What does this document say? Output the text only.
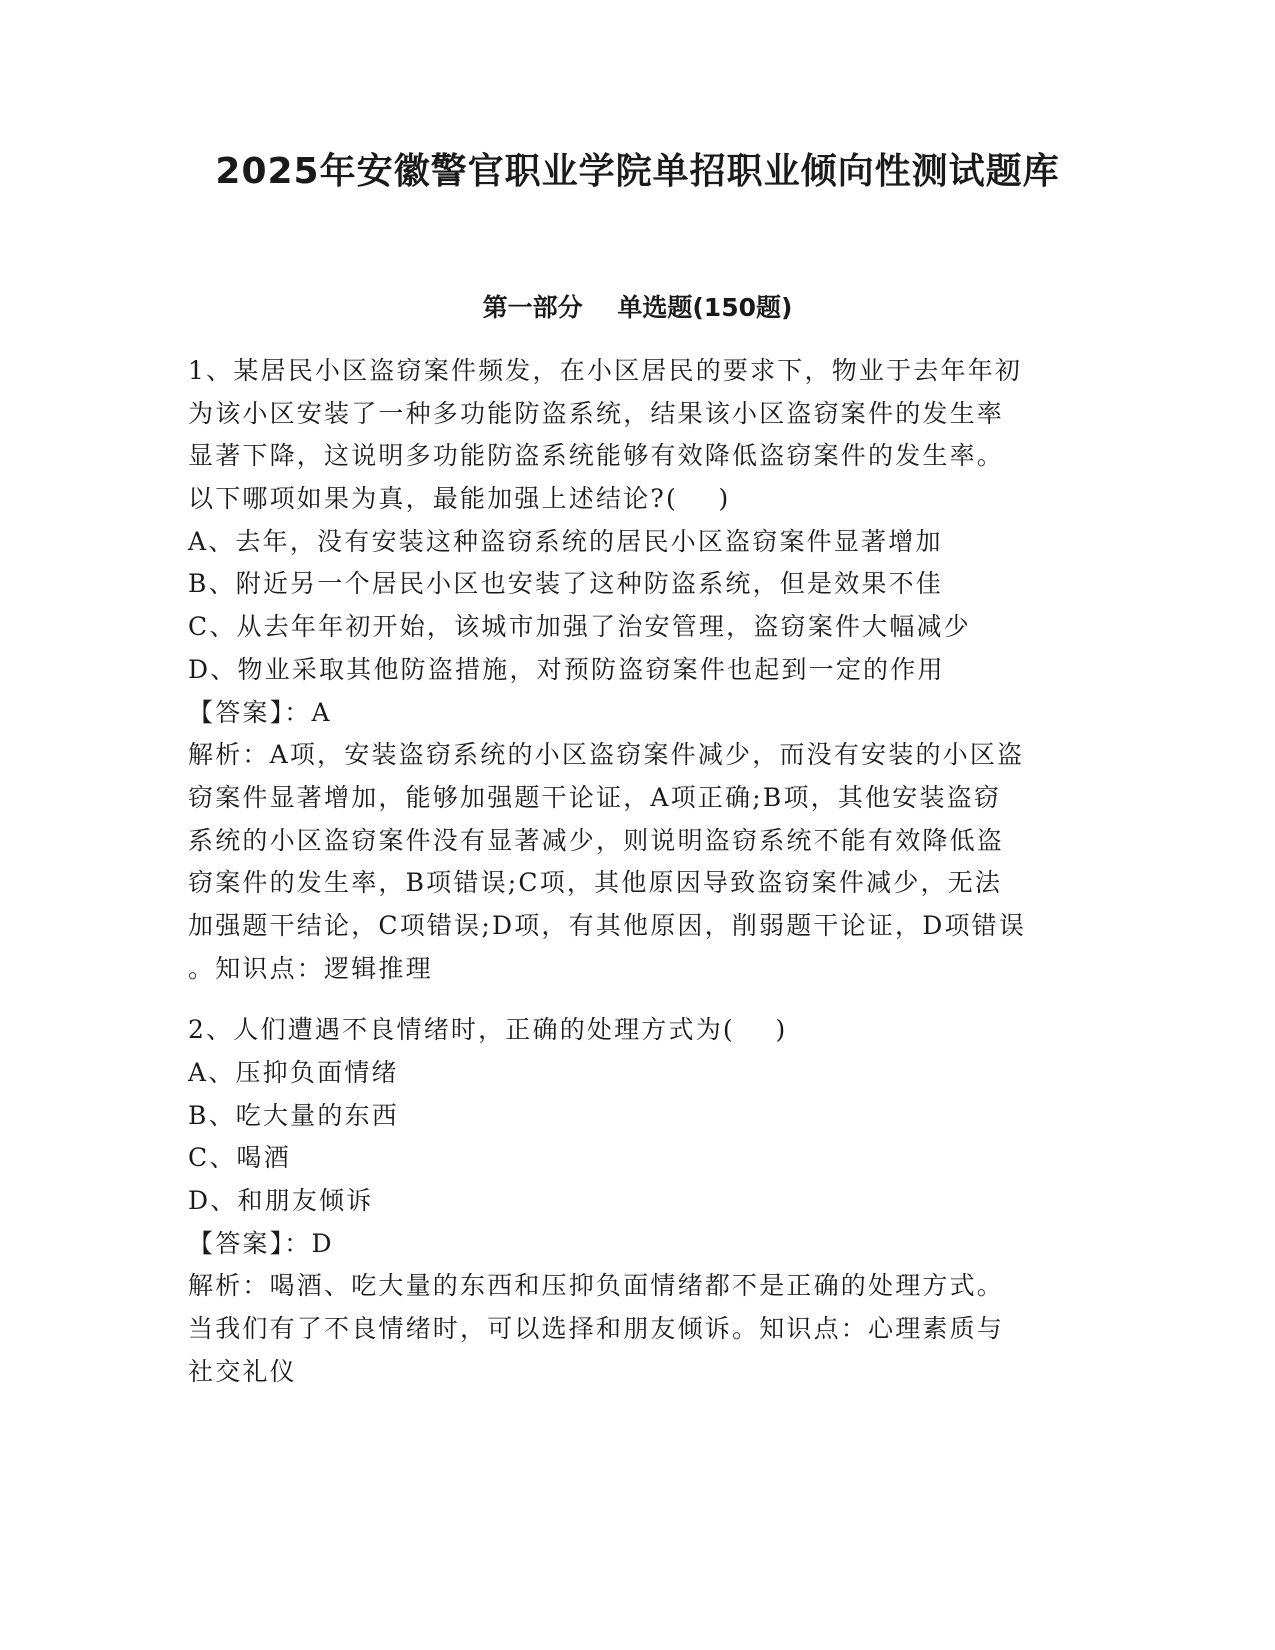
2025年安徽警官职业学院单招职业倾向性测试题库
第一部分    单选题(150题)
1、某居民小区盗窃案件频发，在小区居民的要求下，物业于去年年初
为该小区安装了一种多功能防盗系统，结果该小区盗窃案件的发生率
显著下降，这说明多功能防盗系统能够有效降低盗窃案件的发生率。
以下哪项如果为真，最能加强上述结论?(    )
A、去年，没有安装这种盗窃系统的居民小区盗窃案件显著增加
B、附近另一个居民小区也安装了这种防盗系统，但是效果不佳
C、从去年年初开始，该城市加强了治安管理，盗窃案件大幅减少
D、物业采取其他防盗措施，对预防盗窃案件也起到一定的作用
【答案】：A
解析：A项，安装盗窃系统的小区盗窃案件减少，而没有安装的小区盗
窃案件显著增加，能够加强题干论证，A项正确;B项，其他安装盗窃
系统的小区盗窃案件没有显著减少，则说明盗窃系统不能有效降低盗
窃案件的发生率，B项错误;C项，其他原因导致盗窃案件减少，无法
加强题干结论，C项错误;D项，有其他原因，削弱题干论证，D项错误
。知识点：逻辑推理
2、人们遭遇不良情绪时，正确的处理方式为(    )
A、压抑负面情绪
B、吃大量的东西
C、喝酒
D、和朋友倾诉
【答案】：D
解析：喝酒、吃大量的东西和压抑负面情绪都不是正确的处理方式。
当我们有了不良情绪时，可以选择和朋友倾诉。知识点：心理素质与
社交礼仪
